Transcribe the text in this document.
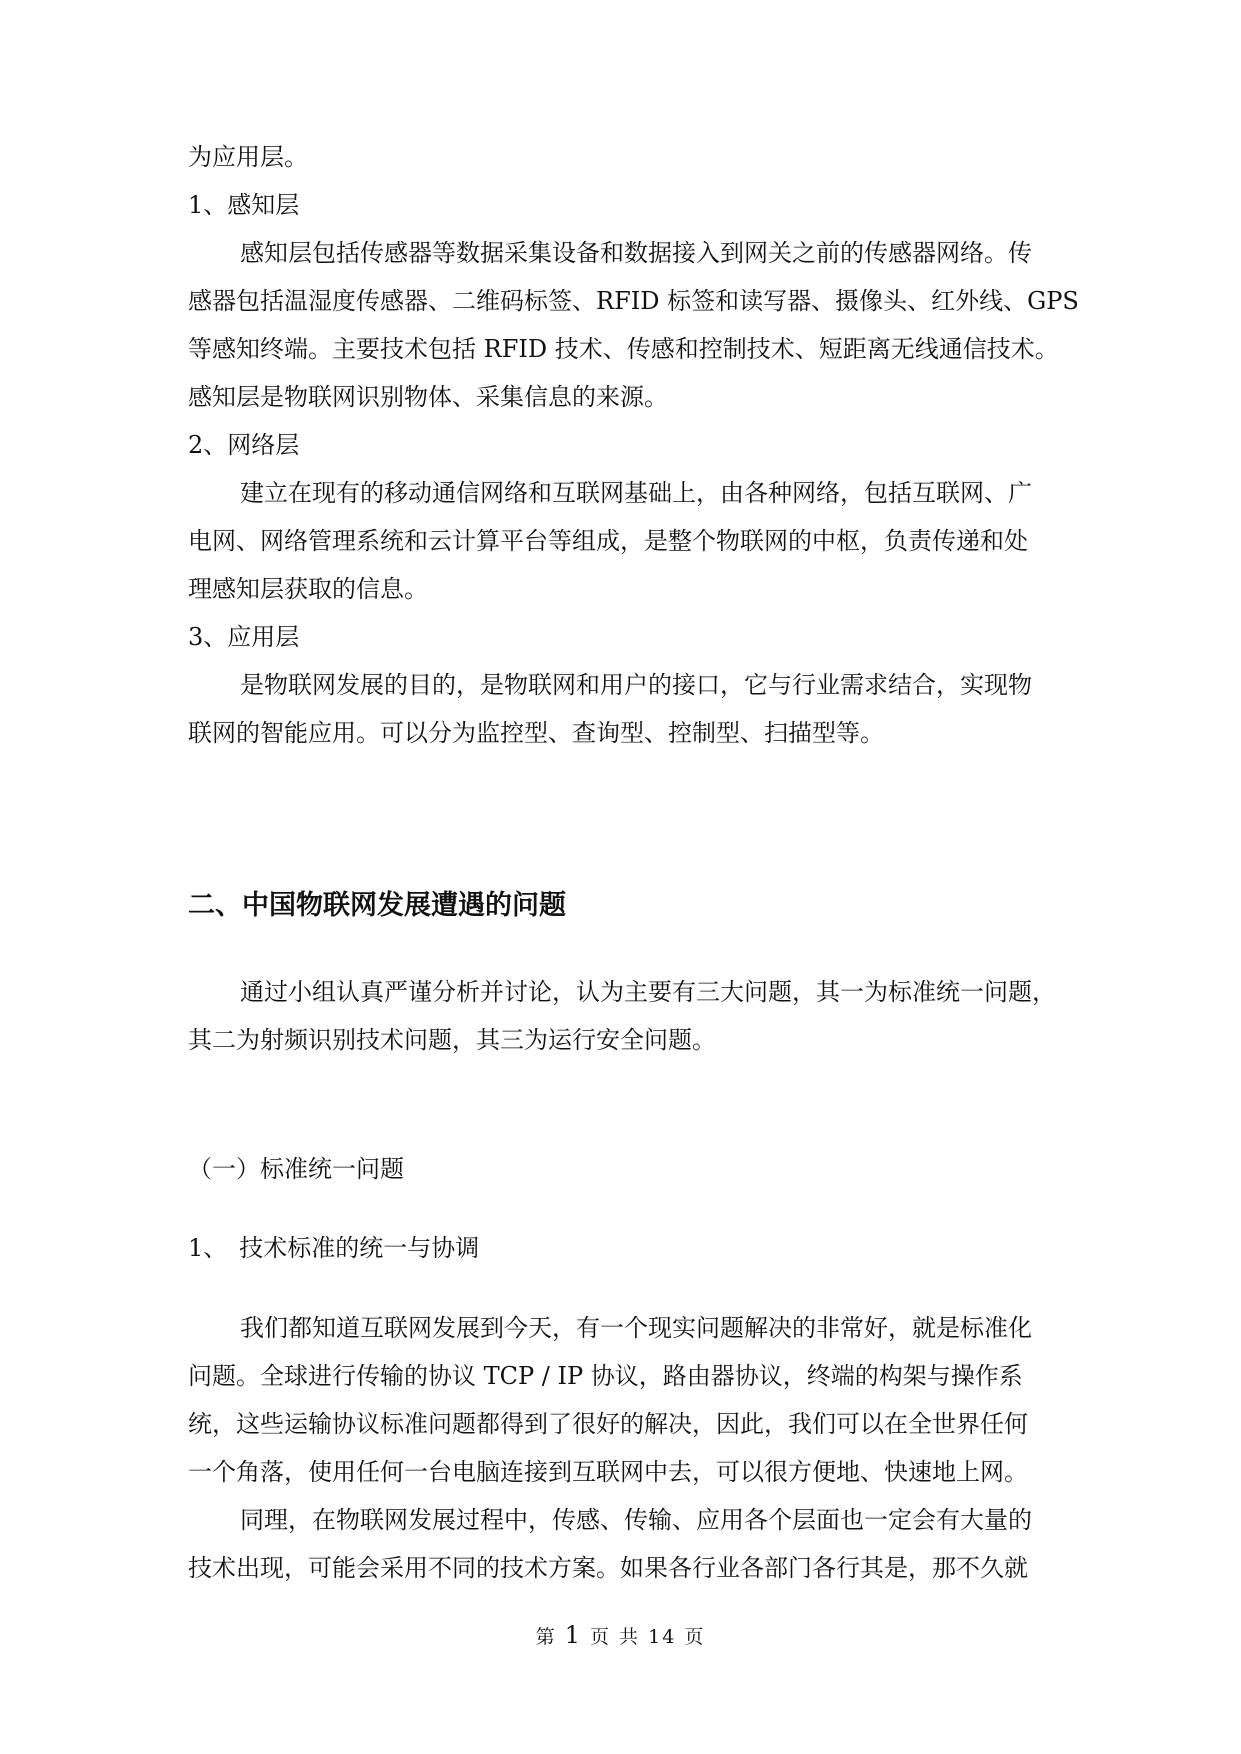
为应用层。
1、感知层
感知层包括传感器等数据采集设备和数据接入到网关之前的传感器网络。传
感器包括温湿度传感器、二维码标签、RFID 标签和读写器、摄像头、红外线、GPS
等感知终端。主要技术包括 RFID 技术、传感和控制技术、短距离无线通信技术。
感知层是物联网识别物体、采集信息的来源。
2、网络层
建立在现有的移动通信网络和互联网基础上，由各种网络，包括互联网、广
电网、网络管理系统和云计算平台等组成，是整个物联网的中枢，负责传递和处
理感知层获取的信息。
3、应用层
是物联网发展的目的，是物联网和用户的接口，它与行业需求结合，实现物
联网的智能应用。可以分为监控型、查询型、控制型、扫描型等。
二、中国物联网发展遭遇的问题
通过小组认真严谨分析并讨论，认为主要有三大问题，其一为标准统一问题，
其二为射频识别技术问题，其三为运行安全问题。
（一）标准统一问题
1、　技术标准的统一与协调
我们都知道互联网发展到今天，有一个现实问题解决的非常好，就是标准化
问题。全球进行传输的协议 TCP / IP 协议，路由器协议，终端的构架与操作系
统，这些运输协议标准问题都得到了很好的解决，因此，我们可以在全世界任何
一个角落，使用任何一台电脑连接到互联网中去，可以很方便地、快速地上网。
同理，在物联网发展过程中，传感、传输、应用各个层面也一定会有大量的
技术出现，可能会采用不同的技术方案。如果各行业各部门各行其是，那不久就
第 1 页 共 14 页
